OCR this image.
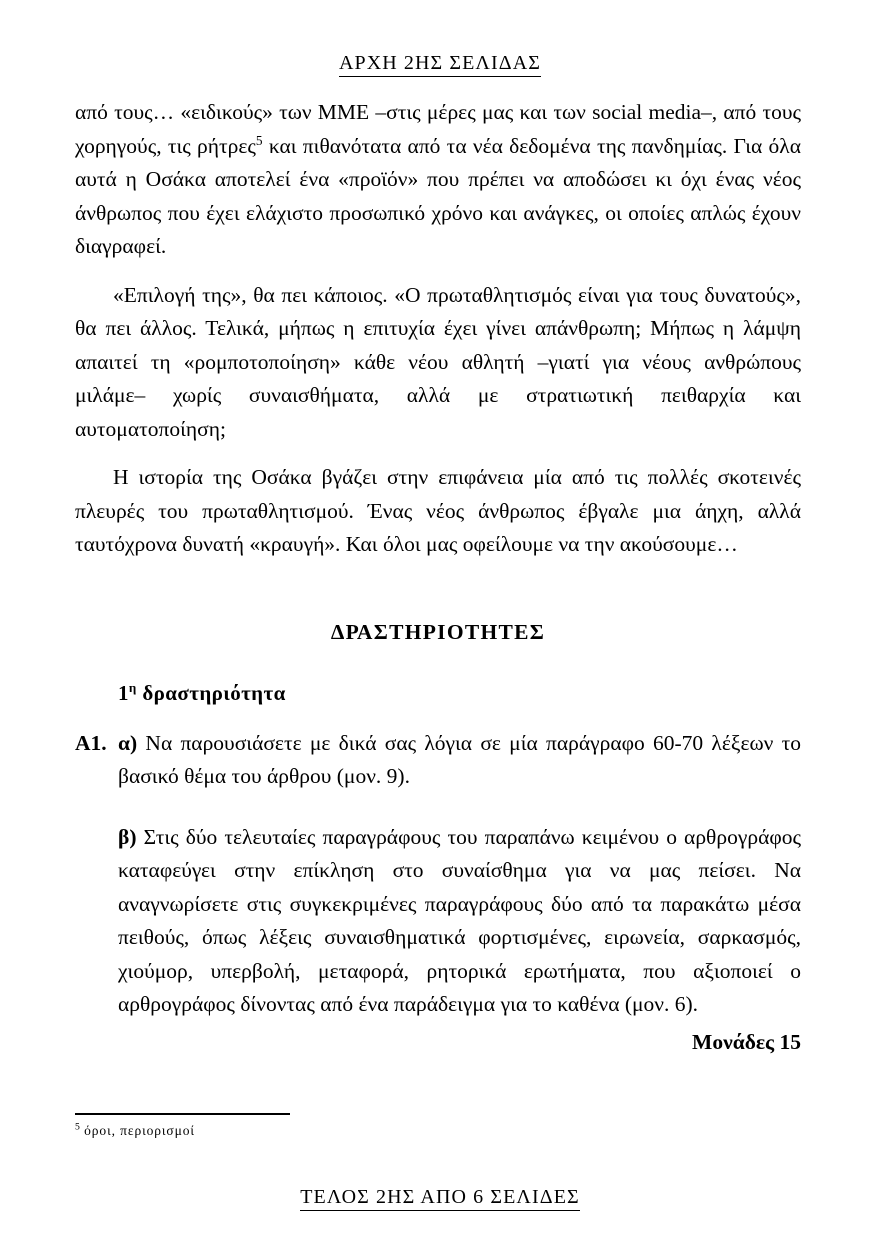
ΑΡΧΗ 2ΗΣ ΣΕΛΙΔΑΣ

από τους… «ειδικούς» των ΜΜΕ –στις μέρες μας και των social media–, από τους χορηγούς, τις ρήτρες$^5$ και πιθανότατα από τα νέα δεδομένα της πανδημίας. Για όλα αυτά η Οσάκα αποτελεί ένα «προϊόν» που πρέπει να αποδώσει κι όχι ένας νέος άνθρωπος που έχει ελάχιστο προσωπικό χρόνο και ανάγκες, οι οποίες απλώς έχουν διαγραφεί.

«Επιλογή της», θα πει κάποιος. «Ο πρωταθλητισμός είναι για τους δυνατούς», θα πει άλλος. Τελικά, μήπως η επιτυχία έχει γίνει απάνθρωπη; Μήπως η λάμψη απαιτεί τη «ρομποτοποίηση» κάθε νέου αθλητή –γιατί για νέους ανθρώπους μιλάμε– χωρίς συναισθήματα, αλλά με στρατιωτική πειθαρχία και αυτοματοποίηση;

Η ιστορία της Οσάκα βγάζει στην επιφάνεια μία από τις πολλές σκοτεινές πλευρές του πρωταθλητισμού. Ένας νέος άνθρωπος έβγαλε μια άηχη, αλλά ταυτόχρονα δυνατή «κραυγή». Και όλοι μας οφείλουμε να την ακούσουμε…

ΔΡΑΣΤΗΡΙΟΤΗΤΕΣ
$1^\eta$ δραστηριότητα
Α1. α) Να παρουσιάσετε με δικά σας λόγια σε μία παράγραφο 60-70 λέξεων το βασικό θέμα του άρθρου (μον. 9).

β) Στις δύο τελευταίες παραγράφους του παραπάνω κειμένου ο αρθρογράφος καταφεύγει στην επίκληση στο συναίσθημα για να μας πείσει. Να αναγνωρίσετε στις συγκεκριμένες παραγράφους δύο από τα παρακάτω μέσα πειθούς, όπως λέξεις συναισθηματικά φορτισμένες, ειρωνεία, σαρκασμός, χιούμορ, υπερβολή, μεταφορά, ρητορικά ερωτήματα, που αξιοποιεί ο αρθρογράφος δίνοντας από ένα παράδειγμα για το καθένα (μον. 6).

Μονάδες 15
$^5$ όροι, περιορισμοί
ΤΕΛΟΣ 2ΗΣ ΑΠΟ 6 ΣΕΛΙΔΕΣ
